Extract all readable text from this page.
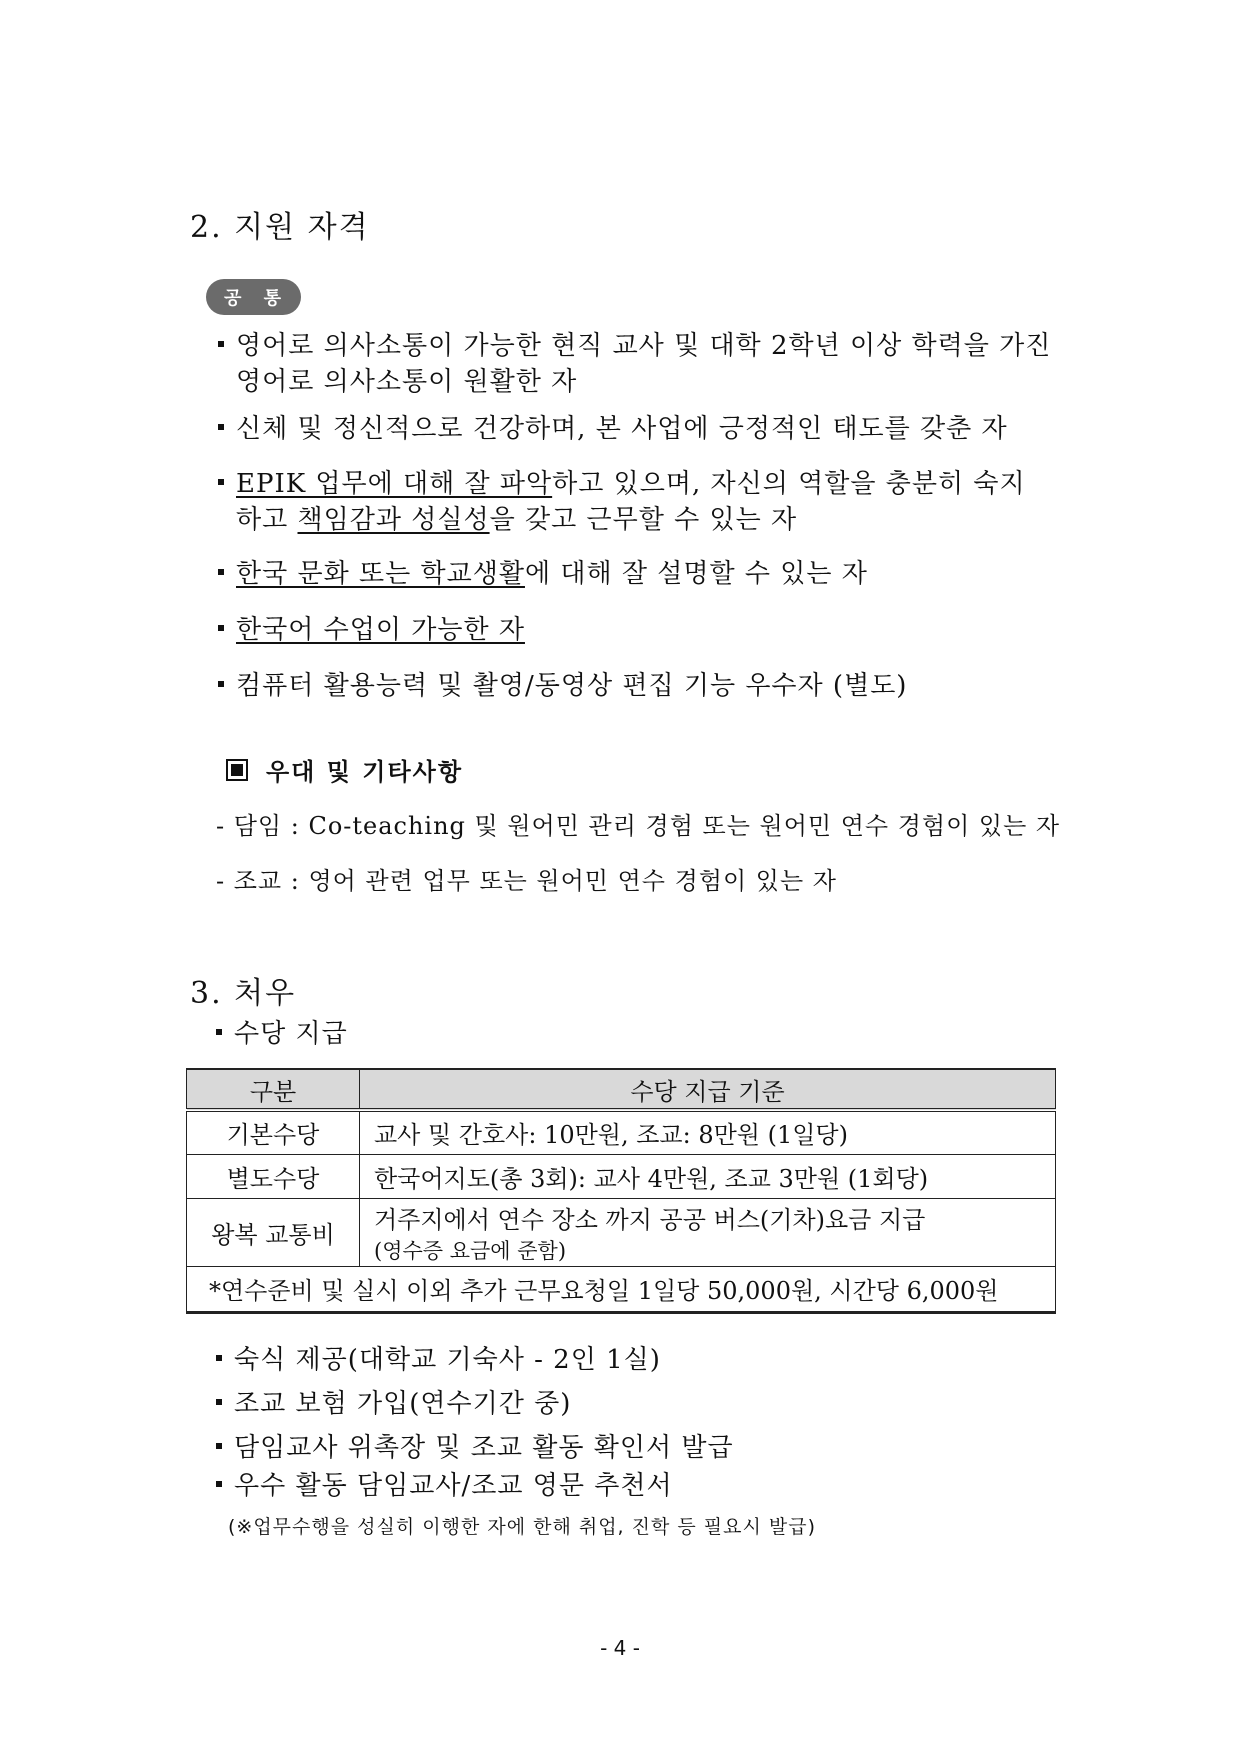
2. 지원 자격
공 통
영어로 의사소통이 가능한 현직 교사 및 대학 2학년 이상 학력을 가진
영어로 의사소통이 원활한 자
신체 및 정신적으로 건강하며, 본 사업에 긍정적인 태도를 갖춘 자
EPIK 업무에 대해 잘 파악하고 있으며, 자신의 역할을 충분히 숙지
하고 책임감과 성실성을 갖고 근무할 수 있는 자
한국 문화 또는 학교생활에 대해 잘 설명할 수 있는 자
한국어 수업이 가능한 자
컴퓨터 활용능력 및 촬영/동영상 편집 기능 우수자 (별도)
우대 및 기타사항
- 담임 : Co-teaching 및 원어민 관리 경험 또는 원어민 연수 경험이 있는 자
- 조교 : 영어 관련 업무 또는 원어민 연수 경험이 있는 자
3. 처우
수당 지급
구분	수당 지급 기준
기본수당	교사 및 간호사: 10만원, 조교: 8만원 (1일당)
별도수당	한국어지도(총 3회): 교사 4만원, 조교 3만원 (1회당)
왕복 교통비	거주지에서 연수 장소 까지 공공 버스(기차)요금 지급
(영수증 요금에 준함)

*연수준비 및 실시 이외 추가 근무요청일 1일당 50,000원, 시간당 6,000원	
숙식 제공(대학교 기숙사 - 2인 1실)
조교 보험 가입(연수기간 중)
담임교사 위촉장 및 조교 활동 확인서 발급
우수 활동 담임교사/조교 영문 추천서
(※업무수행을 성실히 이행한 자에 한해 취업, 진학 등 필요시 발급)
- 4 -
